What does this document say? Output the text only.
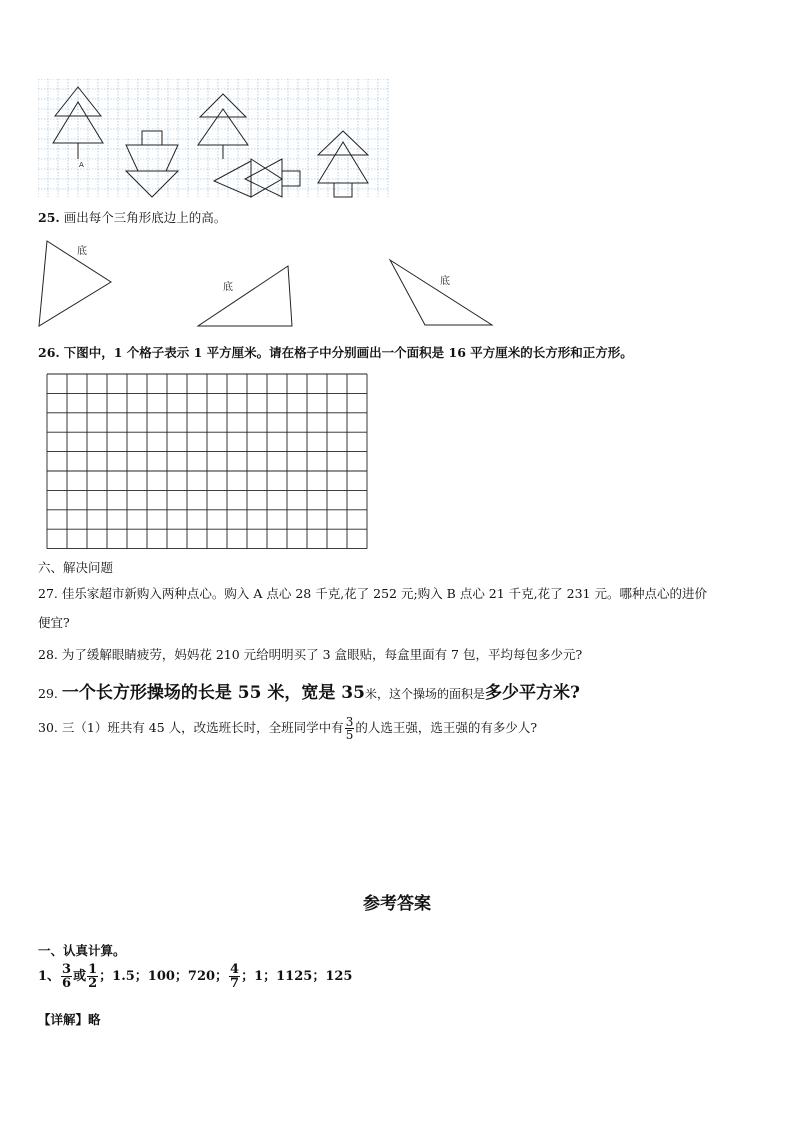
A
25. 画出每个三角形底边上的高。
底
底
底
26. 下图中，1 个格子表示 1 平方厘米。请在格子中分别画出一个面积是 16 平方厘米的长方形和正方形。
六、解决问题
27. 佳乐家超市新购入两种点心。购入 A 点心 28 千克,花了 252 元;购入 B 点心 21 千克,花了 231 元。哪种点心的进价
便宜?
28. 为了缓解眼睛疲劳，妈妈花 210 元给明明买了 3 盒眼贴，每盒里面有 7 包，平均每包多少元?
29. 一个长方形操场的长是 55 米，宽是 35米，这个操场的面积是多少平方米?
30. 三（1）班共有 45 人，改选班长时，全班同学中有 $\frac{3}{5}$ 的人选王强，选王强的有多少人?
参考答案
一、认真计算。
1、 $\frac{3}{6}$ 或 $\frac{1}{2}$ ；1.5；100；720； $\frac{4}{7}$ ；1；1125；125
【详解】略
